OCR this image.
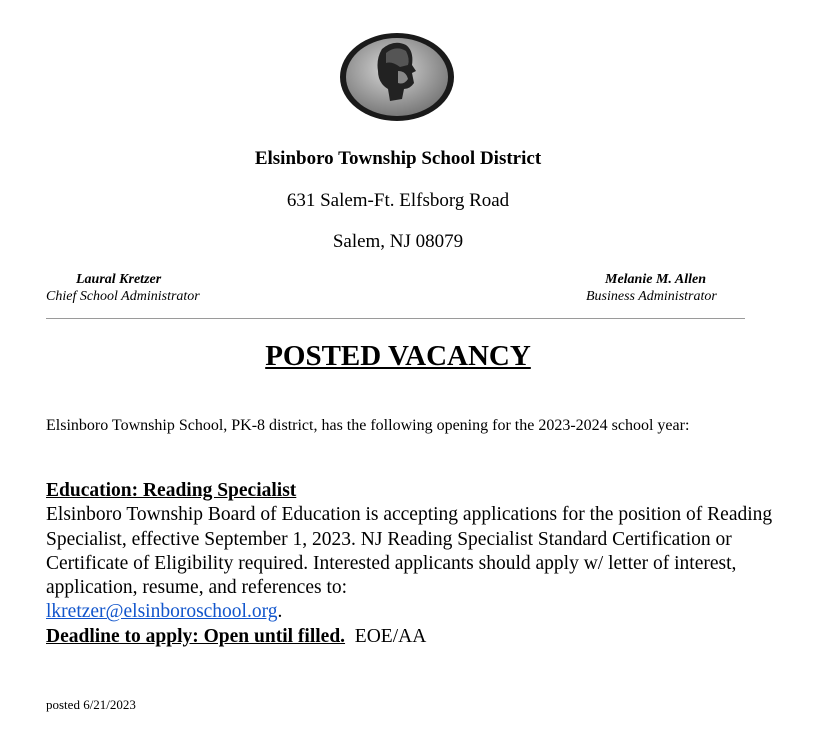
Elsinboro Township School District
631 Salem-Ft. Elfsborg Road
Salem, NJ 08079
Laural Kretzer
Chief School Administrator
Melanie M. Allen
Business Administrator
POSTED VACANCY
Elsinboro Township School, PK-8 district, has the following opening for the 2023-2024 school year:
Education: Reading Specialist
Elsinboro Township Board of Education is accepting applications for the position of Reading Specialist, effective September 1, 2023. NJ Reading Specialist Standard Certification or Certificate of Eligibility required. Interested applicants should apply w/ letter of interest, application, resume, and references to:
lkretzer@elsinboroschool.org.
Deadline to apply: Open until filled. EOE/AA
posted 6/21/2023
